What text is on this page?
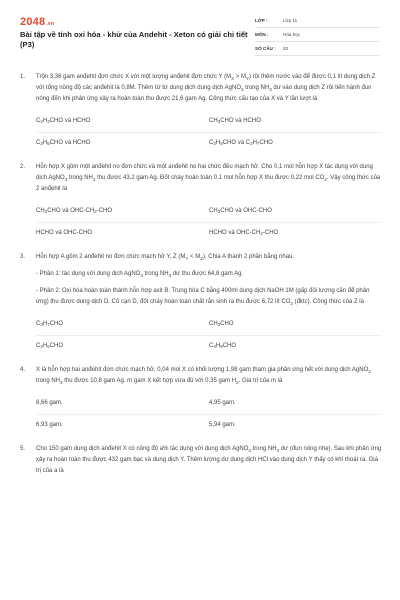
2048.vn
Bài tập về tính oxi hóa - khử của Andehit - Xeton có giải chi tiết (P3)
LỚP :	Lớp 11
MÔN :	Hóa học
SỐ CÂU :	20
1.	Trộn 3,36 gam anđehit đơn chức X với một lượng anđehit đơn chức Y $(M_X > M_Y)$ rồi thêm nước vào để được 0,1 lít dung dịch Z với tổng nồng độ các anđehit là 0,8M. Thêm từ từ dung dịch dung dịch AgNO$_3$ trong $NH_3$ dư vào dung dịch Z rồi tiến hành đun nóng đến khi phản ứng xảy ra hoàn toàn thu được 21,6 gam Ag. Công thức cấu tạo của X và Y lần lượt là
C 2 H 3 CHO và HCHO	CH 3 CHO và HCHO
C 2 H 5 CHO và HCHO	C 2 H 5 CHO và C 3 H 7 CHO
2.	Hỗn hợp X gồm một anđehit no đơn chức và một anđehit no hai chức đều mạch hở. Cho 0,1 mol hỗn hợp X tác dụng với dung dịch AgNO$_3$ trong $NH_3$ thu được 43,2 gam Ag. Đốt cháy hoàn toàn 0,1 mol hỗn hợp X thu được 0,22 mol $CO_2$. Vậy công thức của 2 anđehit là
CH 3 CHO và OHC-CH 2 -CHO	CH 3 CHO và OHC-CHO
HCHO và OHC-CHO	HCHO và OHC-CH 2 -CHO
3.	Hỗn hợp A gồm 2 anđehit no đơn chức mạch hở Y, Z $(M_Y < M_Z)$. Chia A thành 2 phần bằng nhau.
- Phần 1: tác dụng với dung dịch AgNO$_3$ trong $NH_3$ dư thu được 64,8 gam Ag.
- Phần 2: Oxi hóa hoàn toàn thành hỗn hợp axit B. Trung hòa C bằng 400ml dung dịch NaOH 1M (gấp đôi lượng cần để phản ứng) thu được dung dịch D. Cô cạn D, đốt cháy hoàn toàn chất rắn sinh ra thu được 6,72 lít $CO_2$ (đktc). Công thức của Z là
C 3 H 7 CHO	CH 3 CHO
C 2 H 5 CHO	C 4 H 9 CHO
4.	X là hỗn hợp hai anđehit đơn chức mạch hở. 0,04 mol X có khối lượng 1,98 gam tham gia phản ứng hết với dung dịch AgNO$_3$ trong $NH_3$ thu được 10,8 gam Ag. m gam X kết hợp vừa đủ với 0,35 gam $H_2$. Giá trị của m là
8,66 gam.	4,95 gam.
6,93 gam.	5,94 gam.
5.	Cho 150 gam dung dịch anđehit X có nồng độ a% tác dụng với dung dịch AgNO$_3$ trong $NH_3$ dư (đun nóng nhẹ). Sau khi phản ứng xảy ra hoàn toàn thu được 432 gam bạc và dung dịch Y. Thêm lượng dư dung dịch HCl vào dung dịch Y thấy có khí thoát ra. Giá trị của a là
